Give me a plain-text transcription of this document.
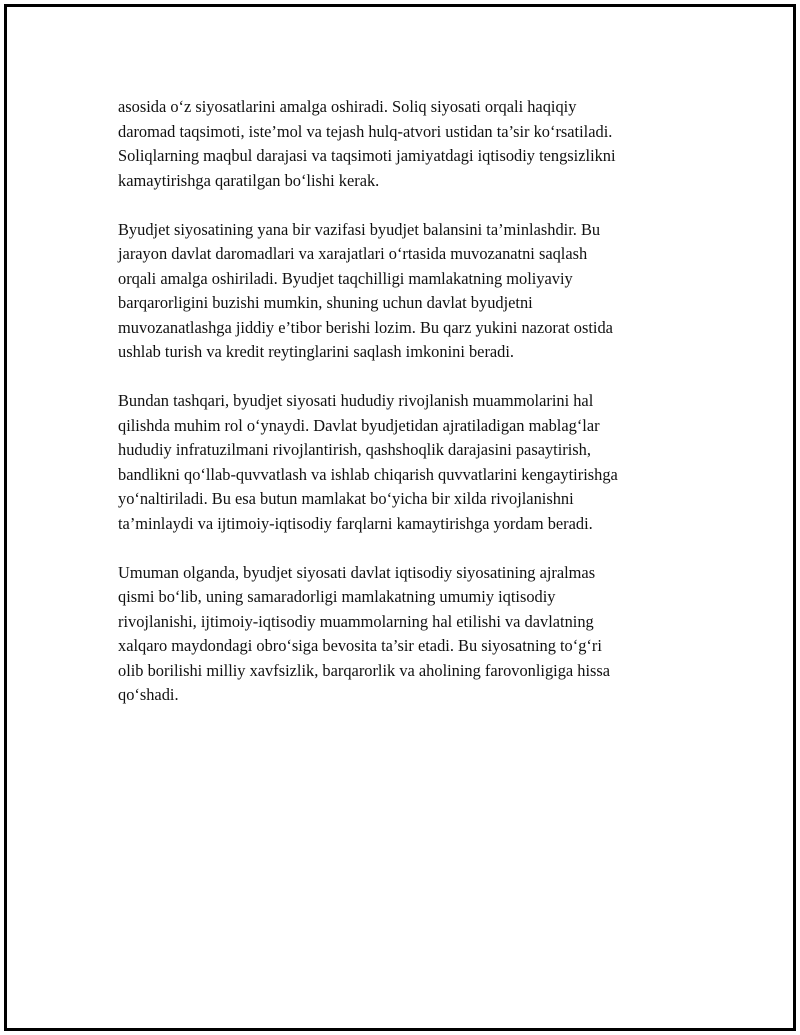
asosida o‘z siyosatlarini amalga oshiradi. Soliq siyosati orqali haqiqiy
daromad taqsimoti, iste’mol va tejash hulq-atvori ustidan ta’sir ko‘rsatiladi.
Soliqlarning maqbul darajasi va taqsimoti jamiyatdagi iqtisodiy tengsizlikni
kamaytirishga qaratilgan bo‘lishi kerak.

Byudjet siyosatining yana bir vazifasi byudjet balansini ta’minlashdir. Bu
jarayon davlat daromadlari va xarajatlari o‘rtasida muvozanatni saqlash
orqali amalga oshiriladi. Byudjet taqchilligi mamlakatning moliyaviy
barqarorligini buzishi mumkin, shuning uchun davlat byudjetni
muvozanatlashga jiddiy e’tibor berishi lozim. Bu qarz yukini nazorat ostida
ushlab turish va kredit reytinglarini saqlash imkonini beradi.

Bundan tashqari, byudjet siyosati hududiy rivojlanish muammolarini hal
qilishda muhim rol o‘ynaydi. Davlat byudjetidan ajratiladigan mablag‘lar
hududiy infratuzilmani rivojlantirish, qashshoqlik darajasini pasaytirish,
bandlikni qo‘llab-quvvatlash va ishlab chiqarish quvvatlarini kengaytirishga
yo‘naltiriladi. Bu esa butun mamlakat bo‘yicha bir xilda rivojlanishni
ta’minlaydi va ijtimoiy-iqtisodiy farqlarni kamaytirishga yordam beradi.

Umuman olganda, byudjet siyosati davlat iqtisodiy siyosatining ajralmas
qismi bo‘lib, uning samaradorligi mamlakatning umumiy iqtisodiy
rivojlanishi, ijtimoiy-iqtisodiy muammolarning hal etilishi va davlatning
xalqaro maydondagi obro‘siga bevosita ta’sir etadi. Bu siyosatning to‘g‘ri
olib borilishi milliy xavfsizlik, barqarorlik va aholining farovonligiga hissa
qo‘shadi.
